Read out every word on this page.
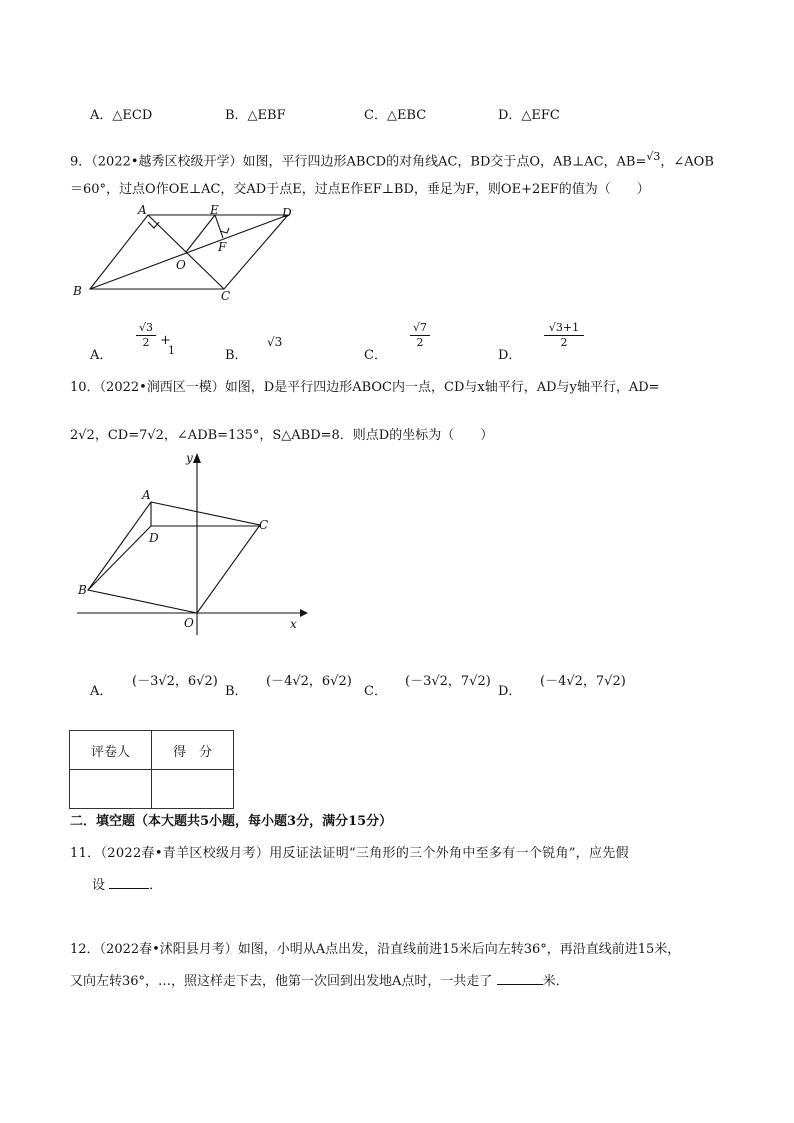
A．△ECD	B．△EBF	C．△EBC	D．△EFC
9．（2022•越秀区校级开学）如图，平行四边形ABCD的对角线AC，BD交于点O，AB⊥AC，AB=$^{√3}$，∠AOB
＝60°，过点O作OE⊥AC，交AD于点E，过点E作EF⊥BD，垂足为F，则OE+2EF的值为（　　）
A	E	D
F
O
B	C
A．
$\frac{√3}{2}$ +
1	B．
√3
C．
$\frac{√7}{2}$
D．
$\frac{√3+1}{2}$
10．（2022•涧西区一模）如图，D是平行四边形ABOC内一点，CD与x轴平行，AD与y轴平行，AD=
2√2，CD=7√2，∠ADB=135°，S△ABD=8．则点D的坐标为（　　）
y
A
C
D
B
O	x
A．
(－3√2，6√2)
B．
(－4√2，6√2)
C．
(－3√2，7√2)
D．
(－4√2，7√2)
评卷人	得　分

二．填空题（本大题共5小题，每小题3分，满分15分）
11．（2022春•青羊区校级月考）用反证法证明“三角形的三个外角中至多有一个锐角”，应先假
设	．
12．（2022春•沭阳县月考）如图，小明从A点出发，沿直线前进15米后向左转36°，再沿直线前进15米，
又向左转36°，…，照这样走下去，他第一次回到出发地A点时，一共走了	米．
